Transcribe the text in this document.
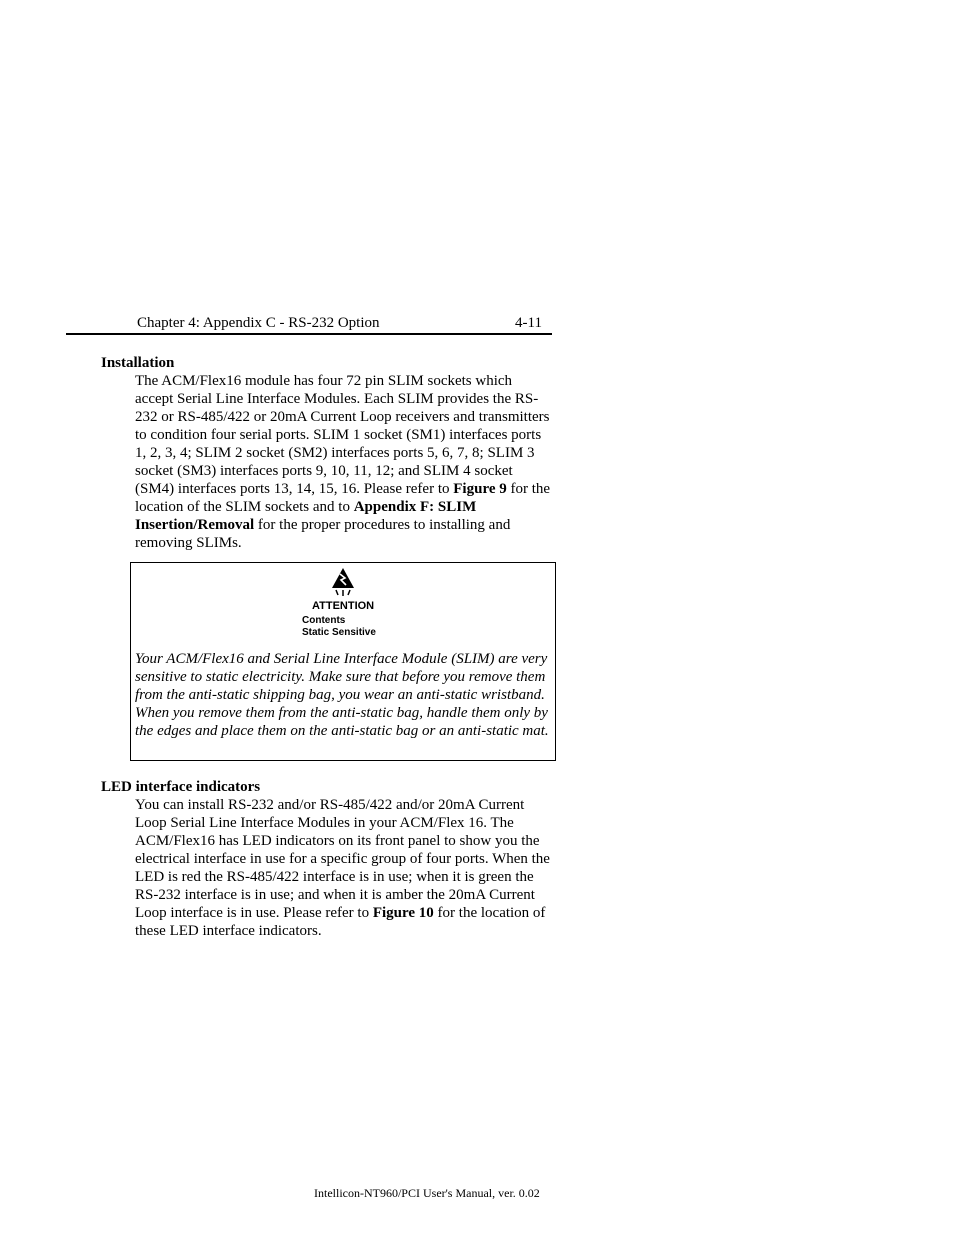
Chapter 4: Appendix C - RS-232 Option	4-11
Installation
The ACM/Flex16 module has four 72 pin SLIM sockets which accept Serial Line Interface Modules. Each SLIM provides the RS-232 or RS-485/422 or 20mA Current Loop receivers and transmitters to condition four serial ports. SLIM 1 socket (SM1) interfaces ports 1, 2, 3, 4; SLIM 2 socket (SM2) interfaces ports 5, 6, 7, 8; SLIM 3 socket (SM3) interfaces ports 9, 10, 11, 12; and SLIM 4 socket (SM4) interfaces ports 13, 14, 15, 16. Please refer to Figure 9 for the location of the SLIM sockets and to Appendix F: SLIM Insertion/Removal for the proper procedures to installing and removing SLIMs.
ATTENTION
Contents
Static Sensitive
Your ACM/Flex16 and Serial Line Interface Module (SLIM) are very sensitive to static electricity. Make sure that before you remove them from the anti-static shipping bag, you wear an anti-static wristband. When you remove them from the anti-static bag, handle them only by the edges and place them on the anti-static bag or an anti-static mat.
LED interface indicators
You can install RS-232 and/or RS-485/422 and/or 20mA Current Loop Serial Line Interface Modules in your ACM/Flex 16. The ACM/Flex16 has LED indicators on its front panel to show you the electrical interface in use for a specific group of four ports. When the LED is red the RS-485/422 interface is in use; when it is green the RS-232 interface is in use; and when it is amber the 20mA Current Loop interface is in use. Please refer to Figure 10 for the location of these LED interface indicators.
Intellicon-NT960/PCI User's Manual, ver. 0.02
